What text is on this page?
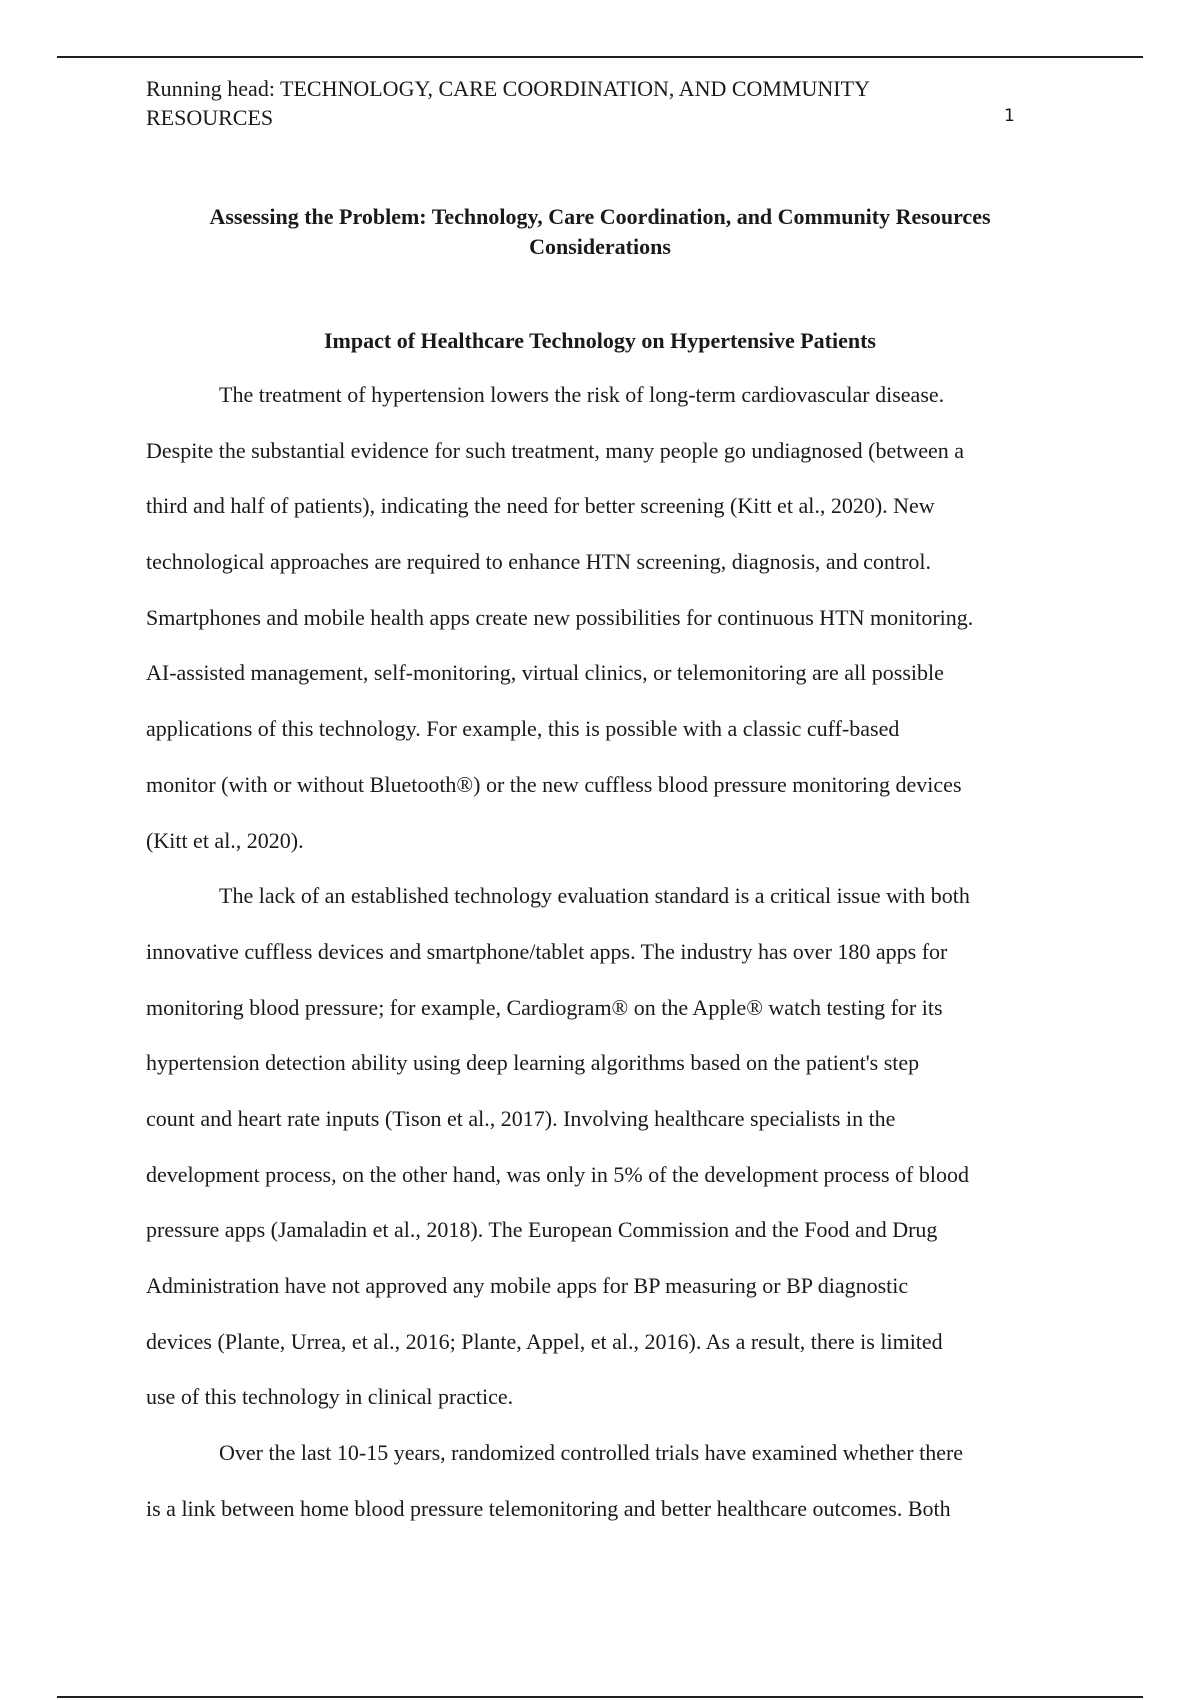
Running head: TECHNOLOGY, CARE COORDINATION, AND COMMUNITY
RESOURCES	1
Assessing the Problem: Technology, Care Coordination, and Community Resources Considerations
Impact of Healthcare Technology on Hypertensive Patients
The treatment of hypertension lowers the risk of long-term cardiovascular disease.
Despite the substantial evidence for such treatment, many people go undiagnosed (between a
third and half of patients), indicating the need for better screening (Kitt et al., 2020). New
technological approaches are required to enhance HTN screening, diagnosis, and control.
Smartphones and mobile health apps create new possibilities for continuous HTN monitoring.
AI-assisted management, self-monitoring, virtual clinics, or telemonitoring are all possible
applications of this technology. For example, this is possible with a classic cuff-based
monitor (with or without Bluetooth®) or the new cuffless blood pressure monitoring devices
(Kitt et al., 2020).
The lack of an established technology evaluation standard is a critical issue with both
innovative cuffless devices and smartphone/tablet apps. The industry has over 180 apps for
monitoring blood pressure; for example, Cardiogram® on the Apple® watch testing for its
hypertension detection ability using deep learning algorithms based on the patient's step
count and heart rate inputs (Tison et al., 2017). Involving healthcare specialists in the
development process, on the other hand, was only in 5% of the development process of blood
pressure apps (Jamaladin et al., 2018). The European Commission and the Food and Drug
Administration have not approved any mobile apps for BP measuring or BP diagnostic
devices (Plante, Urrea, et al., 2016; Plante, Appel, et al., 2016). As a result, there is limited
use of this technology in clinical practice.
Over the last 10-15 years, randomized controlled trials have examined whether there
is a link between home blood pressure telemonitoring and better healthcare outcomes. Both
